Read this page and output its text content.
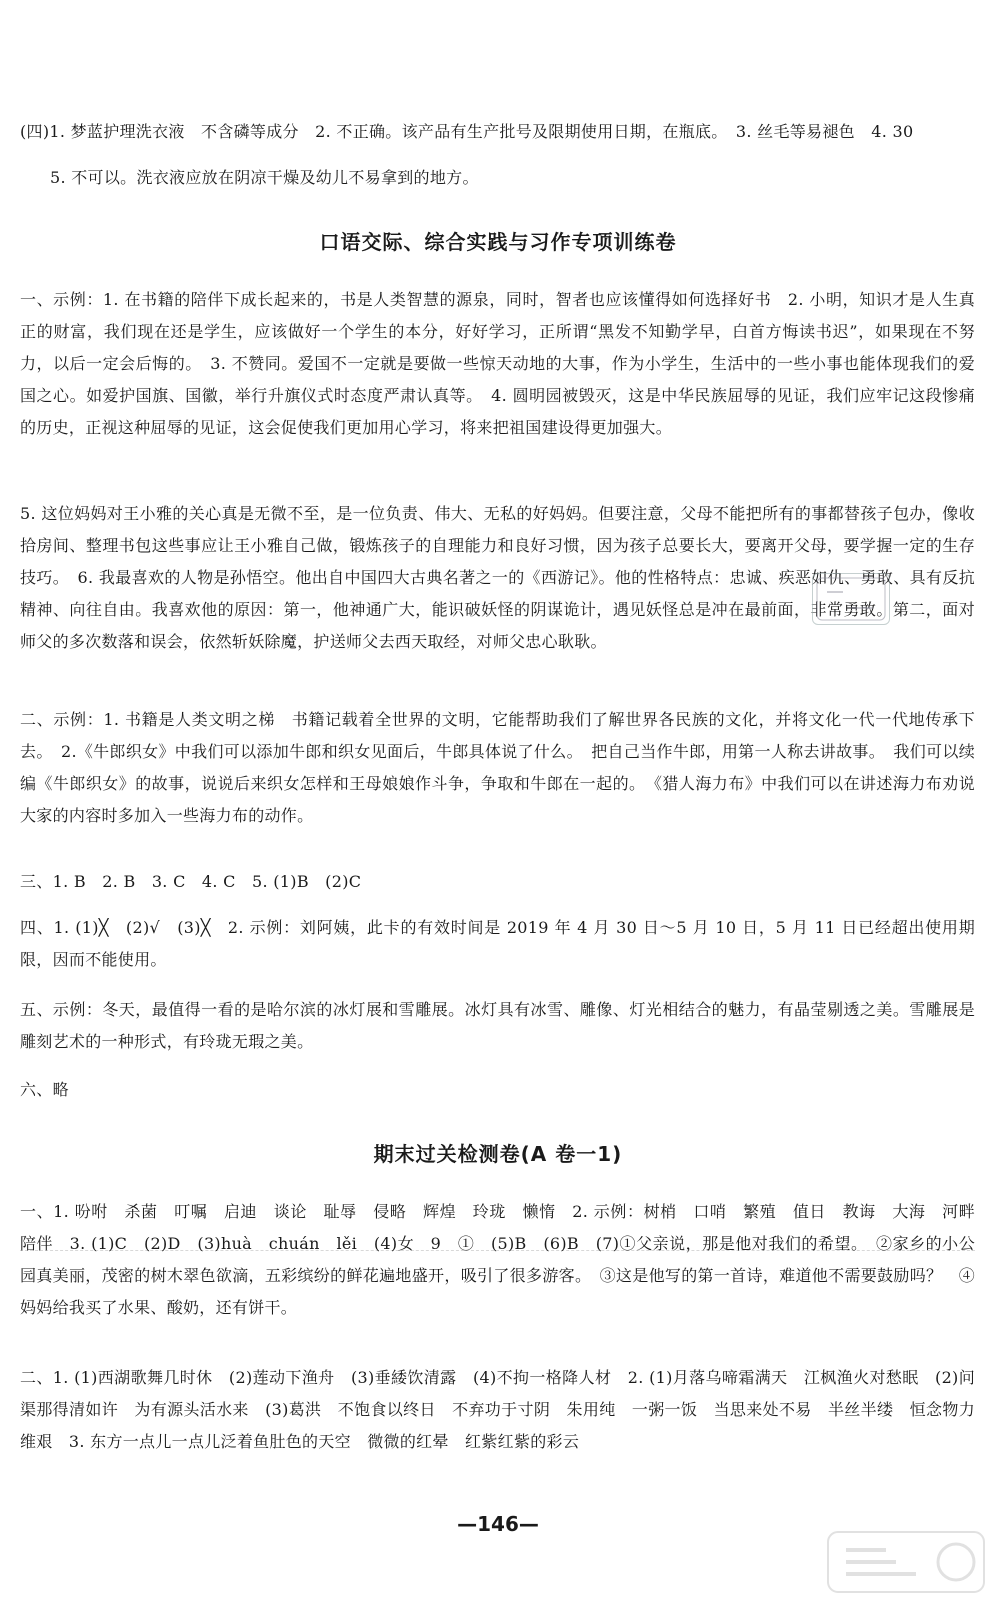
(四)1. 梦蓝护理洗衣液　不含磷等成分　2. 不正确。该产品有生产批号及限期使用日期，在瓶底。　3. 丝毛等易褪色　4. 30

5. 不可以。洗衣液应放在阴凉干燥及幼儿不易拿到的地方。

口语交际、综合实践与习作专项训练卷

一、示例：1. 在书籍的陪伴下成长起来的，书是人类智慧的源泉，同时，智者也应该懂得如何选择好书　2. 小明，知识才是人生真正的财富，我们现在还是学生，应该做好一个学生的本分，好好学习，正所谓“黑发不知勤学早，白首方悔读书迟”，如果现在不努力，以后一定会后悔的。　3. 不赞同。爱国不一定就是要做一些惊天动地的大事，作为小学生，生活中的一些小事也能体现我们的爱国之心。如爱护国旗、国徽，举行升旗仪式时态度严肃认真等。　4. 圆明园被毁灭，这是中华民族屈辱的见证，我们应牢记这段惨痛的历史，正视这种屈辱的见证，这会促使我们更加用心学习，将来把祖国建设得更加强大。

5. 这位妈妈对王小雅的关心真是无微不至，是一位负责、伟大、无私的好妈妈。但要注意，父母不能把所有的事都替孩子包办，像收拾房间、整理书包这些事应让王小雅自己做，锻炼孩子的自理能力和良好习惯，因为孩子总要长大，要离开父母，要学握一定的生存技巧。　6. 我最喜欢的人物是孙悟空。他出自中国四大古典名著之一的《西游记》。他的性格特点：忠诚、疾恶如仇、勇敢、具有反抗精神、向往自由。我喜欢他的原因：第一，他神通广大，能识破妖怪的阴谋诡计，遇见妖怪总是冲在最前面，非常勇敢。第二，面对师父的多次数落和误会，依然斩妖除魔，护送师父去西天取经，对师父忠心耿耿。

二、示例：1. 书籍是人类文明之梯　书籍记载着全世界的文明，它能帮助我们了解世界各民族的文化，并将文化一代一代地传承下去。　2.《牛郎织女》中我们可以添加牛郎和织女见面后，牛郎具体说了什么。　把自己当作牛郎，用第一人称去讲故事。　我们可以续编《牛郎织女》的故事，说说后来织女怎样和王母娘娘作斗争，争取和牛郎在一起的。　《猎人海力布》中我们可以在讲述海力布劝说大家的内容时多加入一些海力布的动作。

三、1. B　2. B　3. C　4. C　5. (1)B　(2)C

四、1. (1)╳　(2)√　(3)╳　2. 示例：刘阿姨，此卡的有效时间是 2019 年 4 月 30 日～5 月 10 日，5 月 11 日已经超出使用期限，因而不能使用。

五、示例：冬天，最值得一看的是哈尔滨的冰灯展和雪雕展。冰灯具有冰雪、雕像、灯光相结合的魅力，有晶莹剔透之美。雪雕展是雕刻艺术的一种形式，有玲珑无瑕之美。

六、略

期末过关检测卷(A 卷一1)

一、1. 吩咐　杀菌　叮嘱　启迪　谈论　耻辱　侵略　辉煌　玲珑　懒惰　2. 示例：树梢　口哨　繁殖　值日　教诲　大海　河畔　陪伴　3. (1)C　(2)D　(3)huà　chuán　lěi　(4)女　9　①　(5)B　(6)B　(7)①父亲说，那是他对我们的希望。　②家乡的小公园真美丽，茂密的树木翠色欲滴，五彩缤纷的鲜花遍地盛开，吸引了很多游客。　③这是他写的第一首诗，难道他不需要鼓励吗？　④妈妈给我买了水果、酸奶，还有饼干。

二、1. (1)西湖歌舞几时休　(2)莲动下渔舟　(3)垂緌饮清露　(4)不拘一格降人材　2. (1)月落乌啼霜满天　江枫渔火对愁眠　(2)问渠那得清如许　为有源头活水来　(3)葛洪　不饱食以终日　不弃功于寸阴　朱用纯　一粥一饭　当思来处不易　半丝半缕　恒念物力维艰　3. 东方一点儿一点儿泛着鱼肚色的天空　微微的红晕　红紫红紫的彩云

—146—
